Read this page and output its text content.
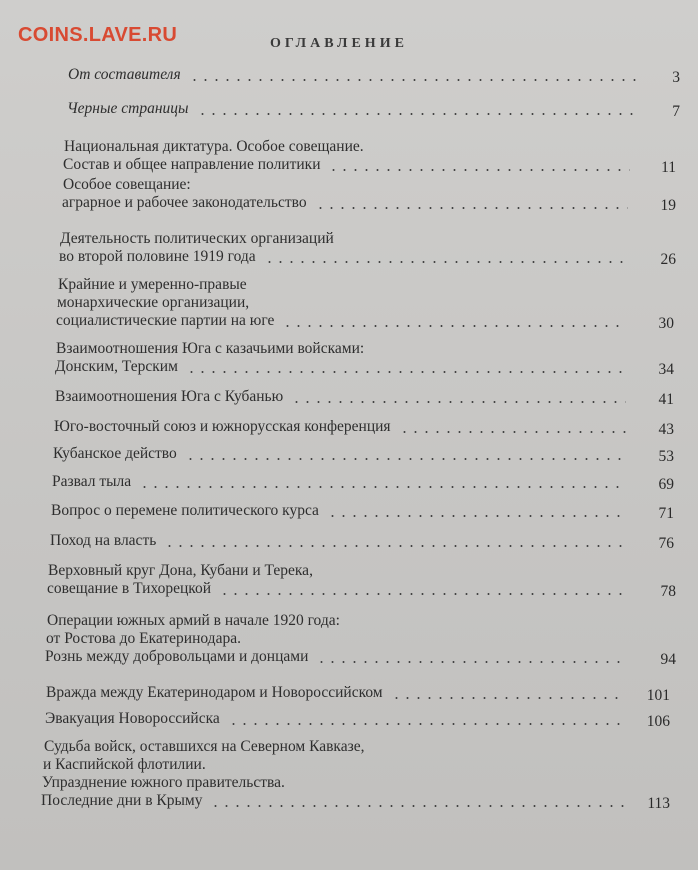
COINS.LAVE.RU	ОГЛАВЛЕНИЕ
От составителя	3
Черные страницы	7
Национальная диктатура. Особое совещание.
Состав и общее направление политики	11
Особое совещание:
аграрное и рабочее законодательство	19
Деятельность политических организаций
во второй половине 1919 года	26
Крайние и умеренно-правые
монархические организации,
социалистические партии на юге	30
Взаимоотношения Юга с казачьими войсками:
Донским, Терским	34
Взаимоотношения Юга с Кубанью	41
Юго-восточный союз и южнорусская конференция	43
Кубанское действо	53
Развал тыла	69
Вопрос о перемене политического курса	71
Поход на власть	76
Верховный круг Дона, Кубани и Терека,
совещание в Тихорецкой	78
Операции южных армий в начале 1920 года:
от Ростова до Екатеринодара.
Рознь между добровольцами и донцами	94
Вражда между Екатеринодаром и Новороссийском	101
Эвакуация Новороссийска	106
Судьба войск, оставшихся на Северном Кавказе,
и Каспийской флотилии.
Упразднение южного правительства.
Последние дни в Крыму	113
